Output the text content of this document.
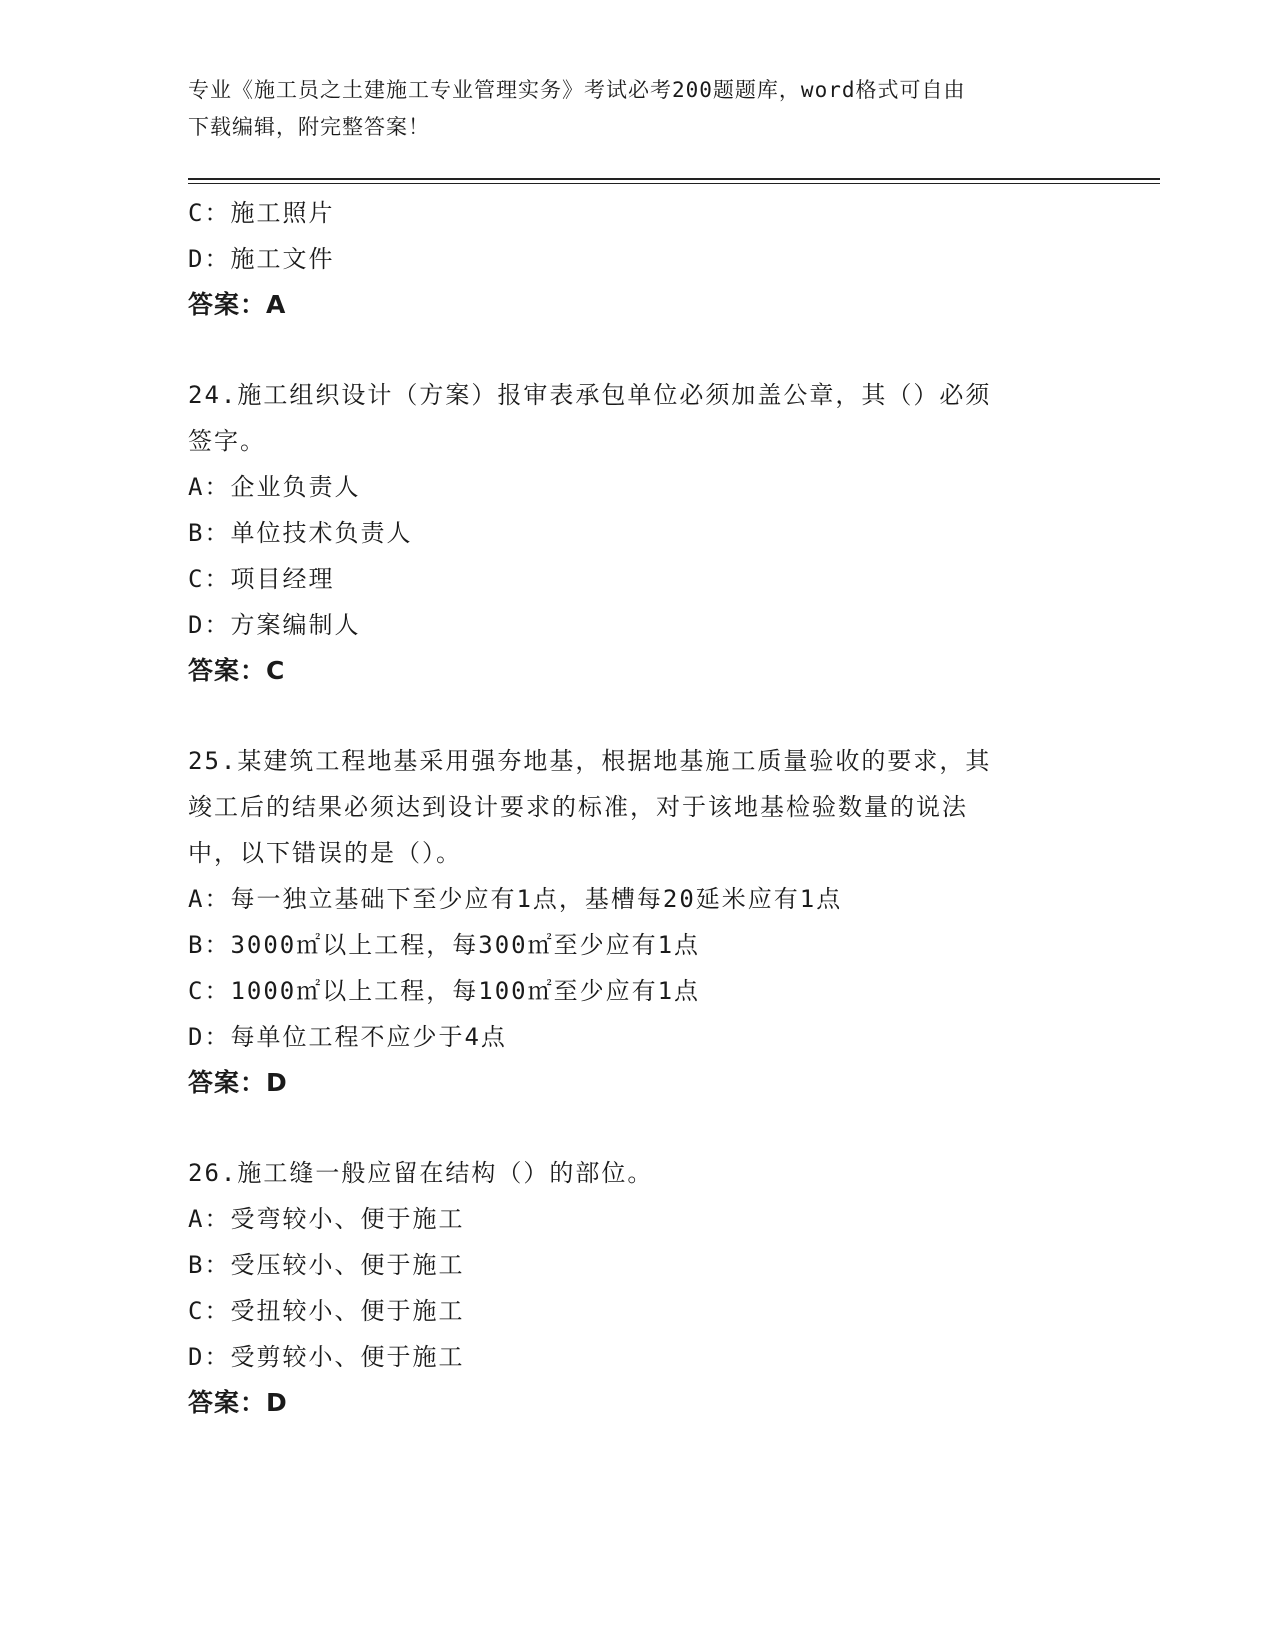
专业《施工员之土建施工专业管理实务》考试必考200题题库，word格式可自由
下载编辑，附完整答案！
C：施工照片
D：施工文件
答案：A
24.施工组织设计（方案）报审表承包单位必须加盖公章，其（）必须
签字。
A：企业负责人
B：单位技术负责人
C：项目经理
D：方案编制人
答案：C
25.某建筑工程地基采用强夯地基，根据地基施工质量验收的要求，其
竣工后的结果必须达到设计要求的标准，对于该地基检验数量的说法
中，以下错误的是（）。
A：每一独立基础下至少应有1点，基槽每20延米应有1点
B：3000㎡以上工程，每300㎡至少应有1点
C：1000㎡以上工程，每100㎡至少应有1点
D：每单位工程不应少于4点
答案：D
26.施工缝一般应留在结构（）的部位。
A：受弯较小、便于施工
B：受压较小、便于施工
C：受扭较小、便于施工
D：受剪较小、便于施工
答案：D
